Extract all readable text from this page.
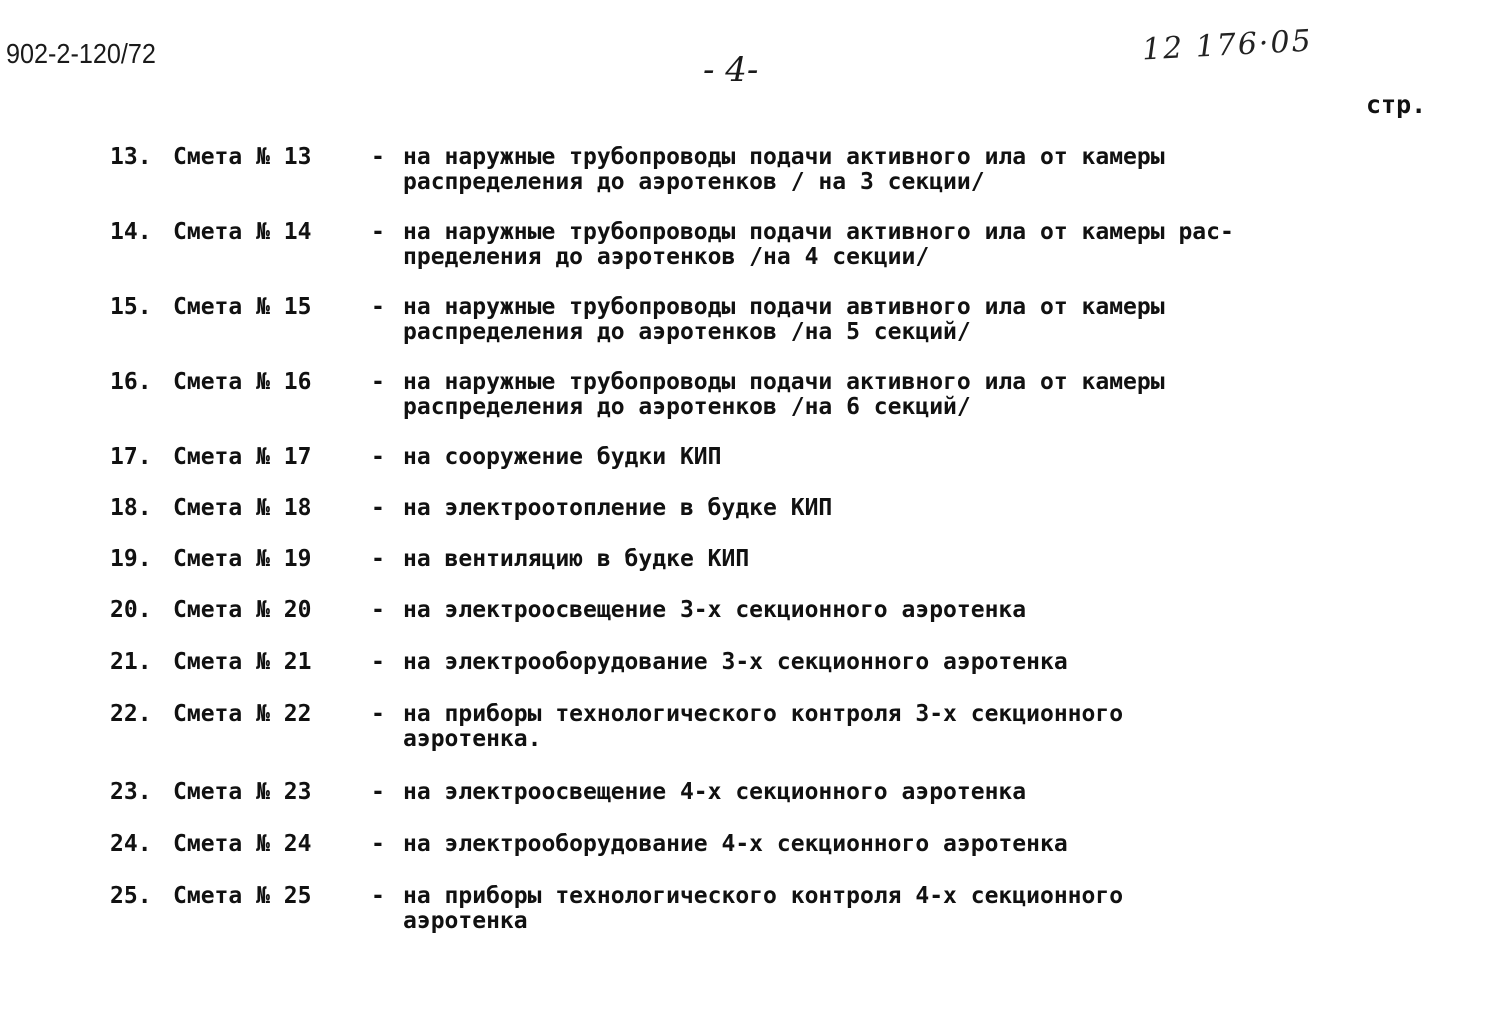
902-2-120/72	- 4-
12 176·05
стр.
13. Смета № 13	- на наружные трубопроводы подачи активного ила от камеры
распределения до аэротенков / на 3 секции/
14. Смета № 14	- на наружные трубопроводы подачи активного ила от камеры рас-
пределения до аэротенков /на 4 секции/
15. Смета № 15	- на наружные трубопроводы подачи автивного ила от камеры
распределения до аэротенков /на 5 секций/
16. Смета № 16	- на наружные трубопроводы подачи активного ила от камеры
распределения до аэротенков /на 6 секций/
17. Смета № 17	- на сооружение будки КИП
18. Смета № 18	- на электроотопление в будке КИП
19. Смета № 19	- на вентиляцию в будке КИП
20. Смета № 20	- на электроосвещение 3-х секционного аэротенка
21. Смета № 21	- на электрооборудование 3-х секционного аэротенка
22. Смета № 22	- на приборы технологического контроля 3-х секционного
аэротенка.
23. Смета № 23	- на электроосвещение 4-х секционного аэротенка
24. Смета № 24	- на электрооборудование 4-х секционного аэротенка
25. Смета № 25	- на приборы технологического контроля 4-х секционного
аэротенка
